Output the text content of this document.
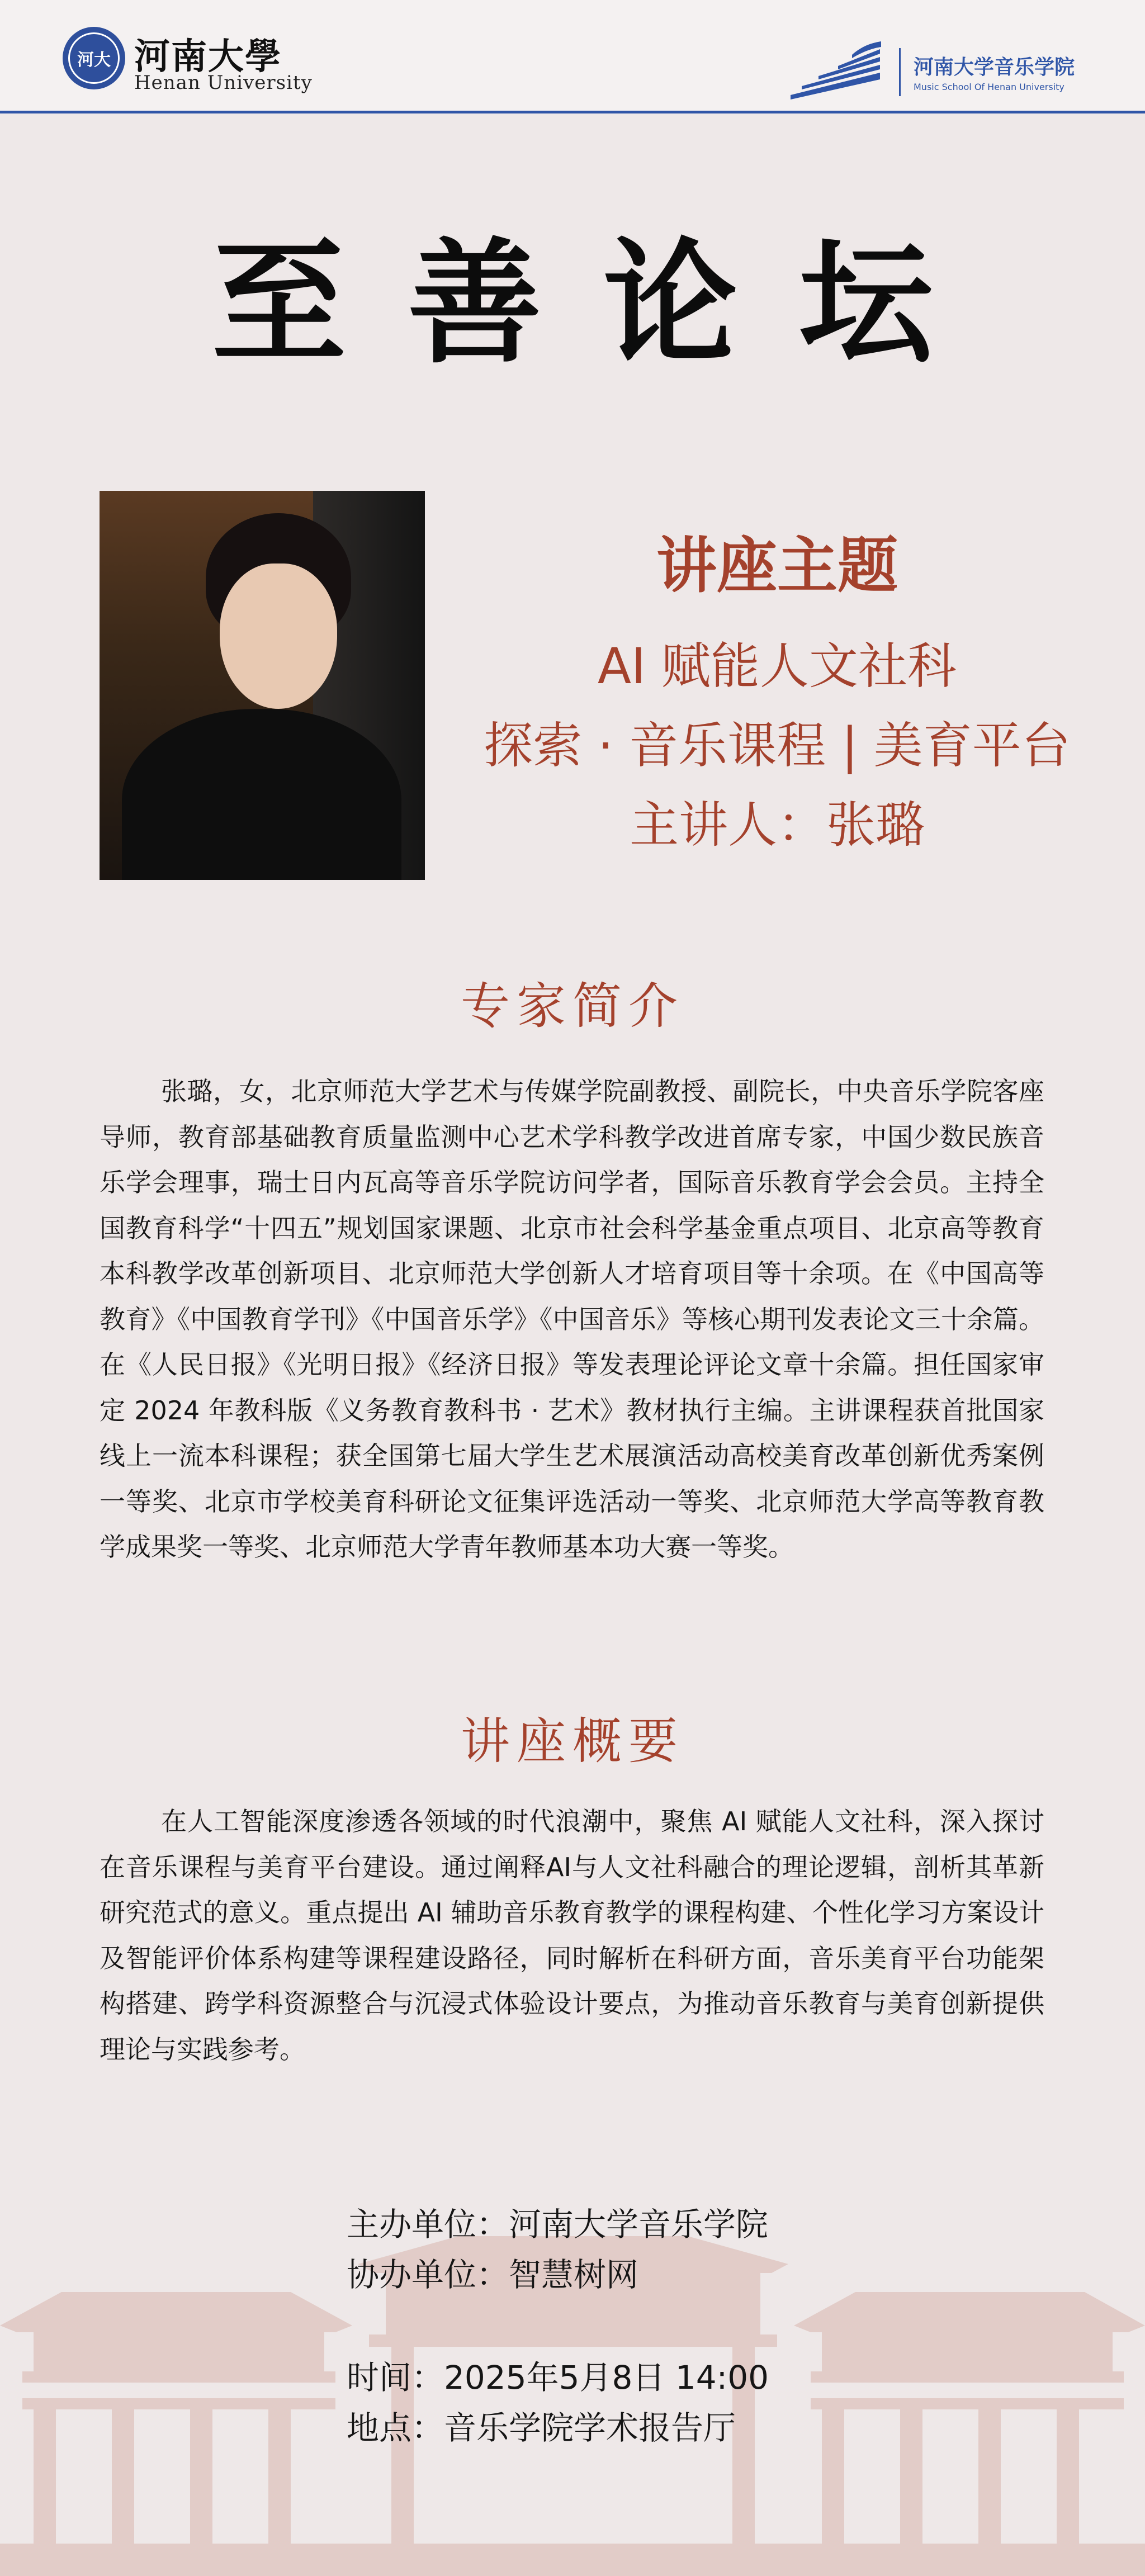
河大 河南大學
Henan University
河南大学音乐学院
Music School Of Henan University
至善论坛
讲座主题
AI 赋能人文社科
探索 · 音乐课程 | 美育平台
主讲人：张璐
专家简介
张璐，女，北京师范大学艺术与传媒学院副教授、副院长，中央音乐学院客座导师，教育部基础教育质量监测中心艺术学科教学改进首席专家，中国少数民族音乐学会理事，瑞士日内瓦高等音乐学院访问学者，国际音乐教育学会会员。主持全国教育科学“十四五”规划国家课题、北京市社会科学基金重点项目、北京高等教育本科教学改革创新项目、北京师范大学创新人才培育项目等十余项。在《中国高等教育》《中国教育学刊》《中国音乐学》《中国音乐》等核心期刊发表论文三十余篇。在《人民日报》《光明日报》《经济日报》等发表理论评论文章十余篇。担任国家审定 2024 年教科版《义务教育教科书 · 艺术》教材执行主编。主讲课程获首批国家线上一流本科课程；获全国第七届大学生艺术展演活动高校美育改革创新优秀案例一等奖、北京市学校美育科研论文征集评选活动一等奖、北京师范大学高等教育教学成果奖一等奖、北京师范大学青年教师基本功大赛一等奖。
讲座概要
在人工智能深度渗透各领域的时代浪潮中，聚焦 AI 赋能人文社科，深入探讨在音乐课程与美育平台建设。通过阐释AI与人文社科融合的理论逻辑，剖析其革新研究范式的意义。重点提出 AI 辅助音乐教育教学的课程构建、个性化学习方案设计及智能评价体系构建等课程建设路径，同时解析在科研方面，音乐美育平台功能架构搭建、跨学科资源整合与沉浸式体验设计要点，为推动音乐教育与美育创新提供理论与实践参考。
主办单位：河南大学音乐学院
协办单位：智慧树网
时间：2025年5月8日 14:00
地点：音乐学院学术报告厅
